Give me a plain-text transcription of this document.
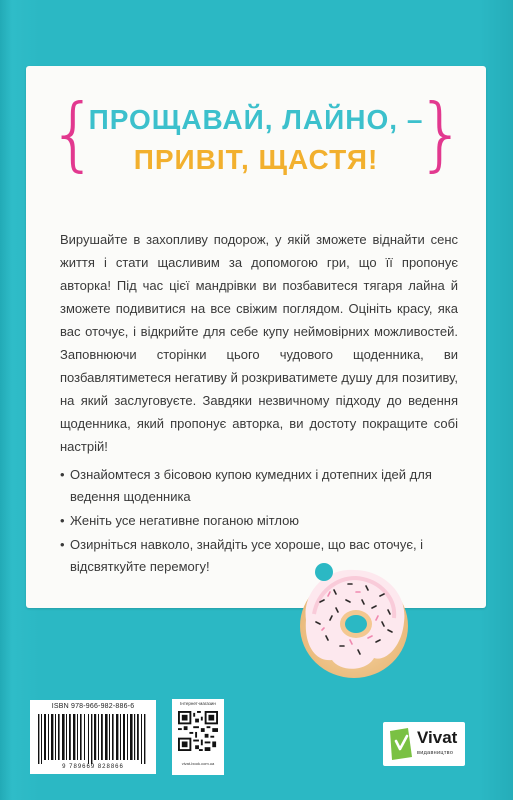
{	}
ПРОЩАВАЙ, ЛАЙНО, –
ПРИВІТ, ЩАСТЯ!

Вирушайте в захопливу подорож, у якій зможете віднайти сенс життя і стати щасливим за допомогою гри, що її пропонує авторка! Під час цієї мандрівки ви позбавитеся тягаря лайна й зможете подивитися на все свіжим поглядом. Оцініть красу, яка вас оточує, і відкрийте для себе купу неймовірних можливостей. Заповнюючи сторінки цього чудового щоденника, ви позбавлятиметеся негативу й розкриватимете душу для позитиву, на який заслуговуєте. Завдяки незвичному підходу до ведення щоденника, який пропонує авторка, ви достоту покращите собі настрій!

• Ознайомтеся з бісовою купою кумедних і дотепних ідей для ведення щоденника
• Женіть усе негативне поганою мітлою
• Озирніться навколо, знайдіть усе хороше, що вас оточує, і відсвяткуйте перемогу!
ISBN 978-966-982-886-6
9 789669 828866
Інтернет-магазин
vivat-book.com.ua
Vivat
видавництво
